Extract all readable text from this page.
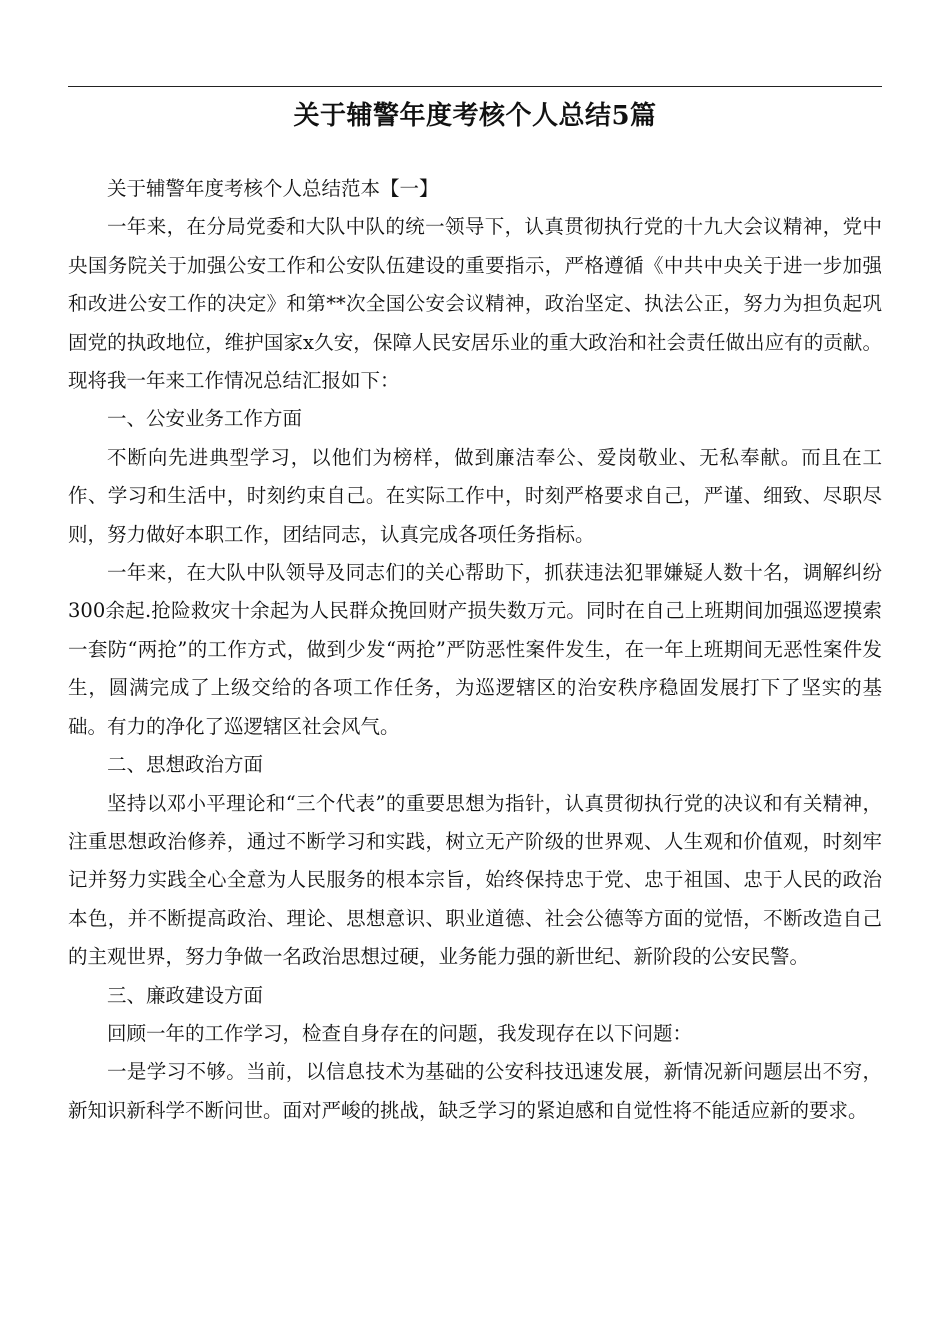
关于辅警年度考核个人总结5篇

关于辅警年度考核个人总结范本【一】

一年来，在分局党委和大队中队的统一领导下，认真贯彻执行党的十九大会议精神，党中央国务院关于加强公安工作和公安队伍建设的重要指示，严格遵循《中共中央关于进一步加强和改进公安工作的决定》和第**次全国公安会议精神，政治坚定、执法公正，努力为担负起巩固党的执政地位，维护国家x久安，保障人民安居乐业的重大政治和社会责任做出应有的贡献。现将我一年来工作情况总结汇报如下：

一、公安业务工作方面

不断向先进典型学习，以他们为榜样，做到廉洁奉公、爱岗敬业、无私奉献。而且在工作、学习和生活中，时刻约束自己。在实际工作中，时刻严格要求自己，严谨、细致、尽职尽则，努力做好本职工作，团结同志，认真完成各项任务指标。

一年来，在大队中队领导及同志们的关心帮助下，抓获违法犯罪嫌疑人数十名，调解纠纷300余起.抢险救灾十余起为人民群众挽回财产损失数万元。同时在自己上班期间加强巡逻摸索一套防“两抢”的工作方式，做到少发“两抢”严防恶性案件发生，在一年上班期间无恶性案件发生，圆满完成了上级交给的各项工作任务，为巡逻辖区的治安秩序稳固发展打下了坚实的基础。有力的净化了巡逻辖区社会风气。

二、思想政治方面

坚持以邓小平理论和“三个代表”的重要思想为指针，认真贯彻执行党的决议和有关精神，注重思想政治修养，通过不断学习和实践，树立无产阶级的世界观、人生观和价值观，时刻牢记并努力实践全心全意为人民服务的根本宗旨，始终保持忠于党、忠于祖国、忠于人民的政治本色，并不断提高政治、理论、思想意识、职业道德、社会公德等方面的觉悟，不断改造自己的主观世界，努力争做一名政治思想过硬，业务能力强的新世纪、新阶段的公安民警。

三、廉政建设方面

回顾一年的工作学习，检查自身存在的问题，我发现存在以下问题：

一是学习不够。当前，以信息技术为基础的公安科技迅速发展，新情况新问题层出不穷，新知识新科学不断问世。面对严峻的挑战，缺乏学习的紧迫感和自觉性将不能适应新的要求。
